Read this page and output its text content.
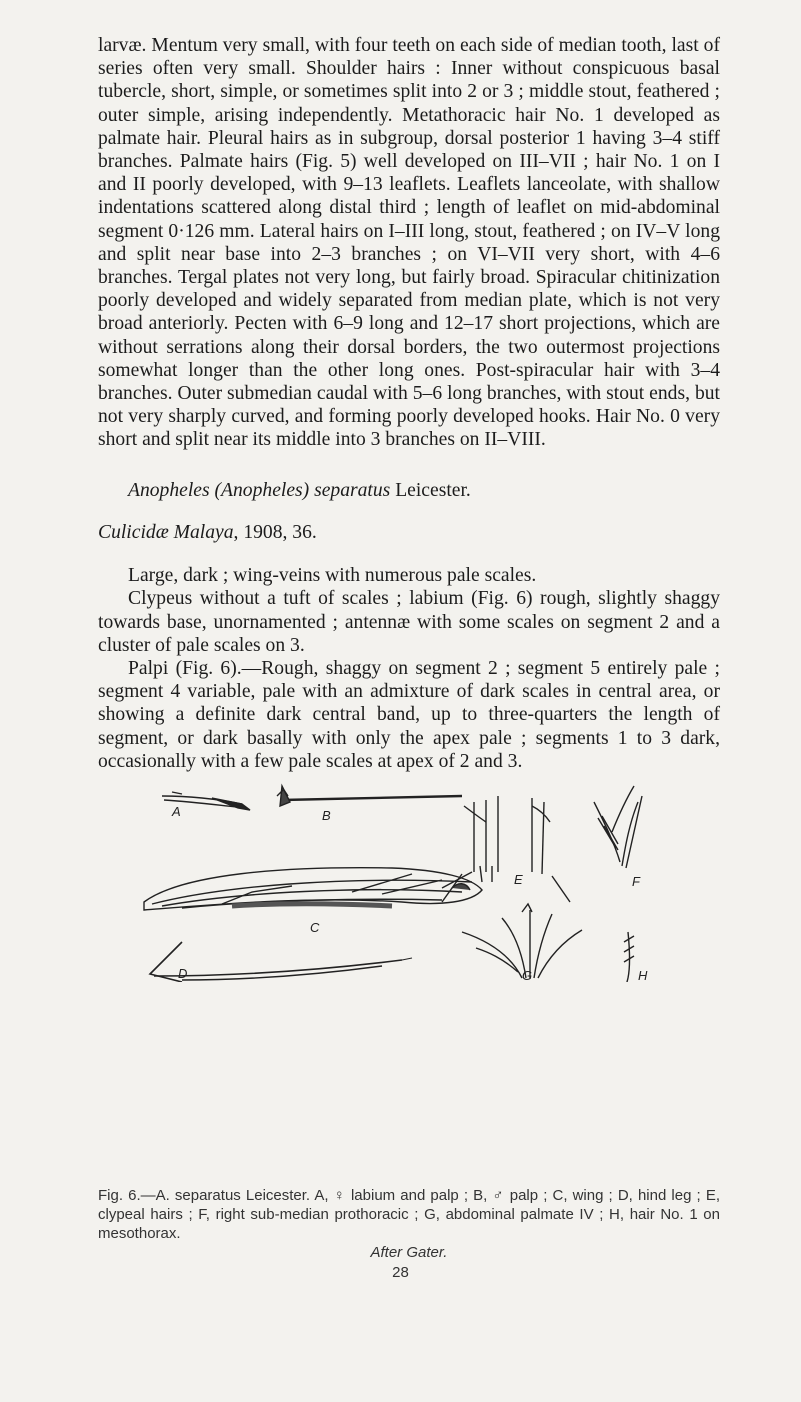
larvæ. Mentum very small, with four teeth on each side of median tooth, last of series often very small. Shoulder hairs : Inner without conspicuous basal tubercle, short, simple, or sometimes split into 2 or 3 ; middle stout, feathered ; outer simple, arising independently. Metathoracic hair No. 1 developed as palmate hair. Pleural hairs as in subgroup, dorsal posterior 1 having 3–4 stiff branches. Palmate hairs (Fig. 5) well developed on III–VII ; hair No. 1 on I and II poorly developed, with 9–13 leaflets. Leaflets lanceolate, with shallow indentations scattered along distal third ; length of leaflet on mid-abdominal segment 0·126 mm. Lateral hairs on I–III long, stout, feathered ; on IV–V long and split near base into 2–3 branches ; on VI–VII very short, with 4–6 branches. Tergal plates not very long, but fairly broad. Spiracular chitinization poorly developed and widely separated from median plate, which is not very broad anteriorly. Pecten with 6–9 long and 12–17 short projections, which are without serrations along their dorsal borders, the two outermost projections somewhat longer than the other long ones. Post-spiracular hair with 3–4 branches. Outer submedian caudal with 5–6 long branches, with stout ends, but not very sharply curved, and forming poorly developed hooks. Hair No. 0 very short and split near its middle into 3 branches on II–VIII.

Anopheles (Anopheles) separatus Leicester.

Culicidæ Malaya, 1908, 36.

Large, dark ; wing-veins with numerous pale scales.

Clypeus without a tuft of scales ; labium (Fig. 6) rough, slightly shaggy towards base, unornamented ; antennæ with some scales on segment 2 and a cluster of pale scales on 3.

Palpi (Fig. 6).—Rough, shaggy on segment 2 ; segment 5 entirely pale ; segment 4 variable, pale with an admixture of dark scales in central area, or showing a definite dark central band, up to three-quarters the length of segment, or dark basally with only the apex pale ; segments 1 to 3 dark, occasionally with a few pale scales at apex of 2 and 3.

A	B
C
D
E	F
G	H
Fig. 6.—A. separatus Leicester. A, ♀ labium and palp ; B, ♂ palp ; C, wing ; D, hind leg ; E, clypeal hairs ; F, right sub-median prothoracic ; G, abdominal palmate IV ; H, hair No. 1 on mesothorax.
After Gater.
28
